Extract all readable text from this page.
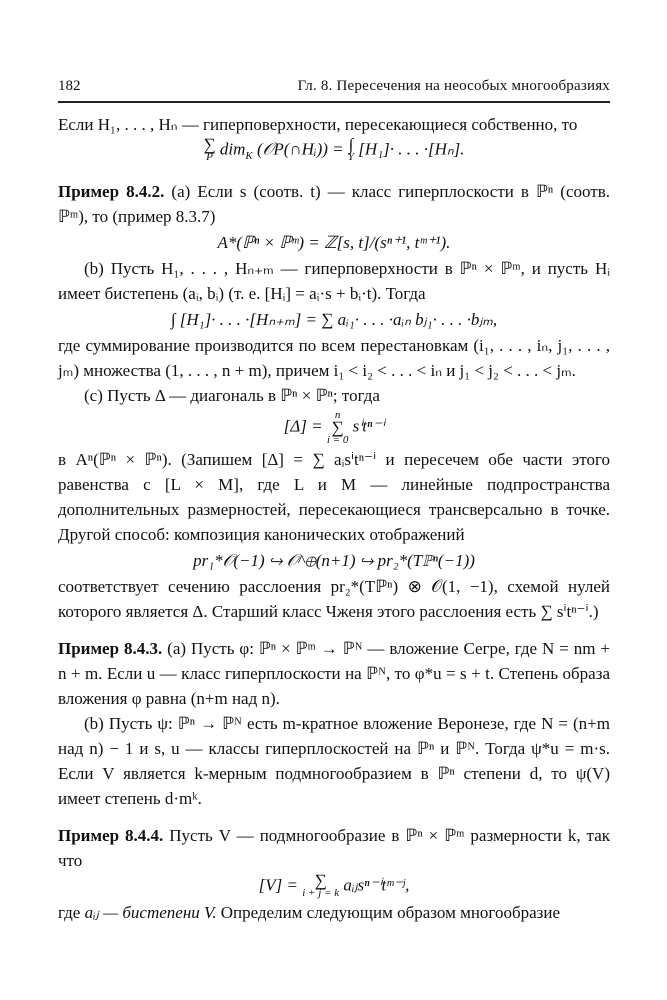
182	Гл. 8. Пересечения на неособых многообразиях

Если H₁, . . . , Hₙ — гиперповерхности, пересекающиеся собственно, то

∑
P dim$_K$ (𝒪P(∩Hᵢ)) = ∫
Y [H₁]· . . . ·[Hₙ].

Пример 8.4.2. (a) Если s (соотв. t) — класс гиперплоскости в ℙⁿ (соотв. ℙᵐ), то (пример 8.3.7)

A*(ℙⁿ × ℙᵐ) = ℤ[s, t]/(sⁿ⁺¹, tᵐ⁺¹).

(b) Пусть H₁, . . . , Hₙ₊ₘ — гиперповерхности в ℙⁿ × ℙᵐ, и пусть Hᵢ имеет бистепень (aᵢ, bᵢ) (т. е. [Hᵢ] = aᵢ·s + bᵢ·t). Тогда

∫ [H₁]· . . . ·[Hₙ₊ₘ] = ∑ aᵢ₁· . . . ·aᵢₙ bⱼ₁· . . . ·bⱼₘ,

где суммирование производится по всем перестановкам (i₁, . . . , iₙ, j₁, . . . , jₘ) множества (1, . . . , n + m), причем i₁ < i₂ < . . . < iₙ и j₁ < j₂ < . . . < jₘ.

(c) Пусть Δ — диагональ в ℙⁿ × ℙⁿ; тогда

[Δ] =
n
∑
i = 0
sⁱtⁿ⁻ⁱ

в Aⁿ(ℙⁿ × ℙⁿ). (Запишем [Δ] = ∑ aᵢsⁱtⁿ⁻ⁱ и пересечем обе части этого равенства с [L × M], где L и M — линейные подпространства дополнительных размерностей, пересекающиеся трансверсально в точке. Другой способ: композиция канонических отображений

pr₁*𝒪(−1) ↪ 𝒪^⊕(n+1) ↪ pr₂*(Tℙⁿ(−1))

соответствует сечению расслоения pr₂*(Tℙⁿ) ⊗ 𝒪(1, −1), схемой нулей которого является Δ. Старший класс Чженя этого расслоения есть ∑ sⁱtⁿ⁻ⁱ.)

Пример 8.4.3. (a) Пусть φ: ℙⁿ × ℙᵐ → ℙᴺ — вложение Сегре, где N = nm + n + m. Если u — класс гиперплоскости на ℙᴺ, то φ*u = s + t. Степень образа вложения φ равна (n+m над n).

(b) Пусть ψ: ℙⁿ → ℙᴺ есть m-кратное вложение Веронезе, где N = (n+m над n) − 1 и s, u — классы гиперплоскостей на ℙⁿ и ℙᴺ. Тогда ψ*u = m·s. Если V является k-мерным подмногообразием в ℙⁿ степени d, то ψ(V) имеет степень d·mᵏ.

Пример 8.4.4. Пусть V — подмногообразие в ℙⁿ × ℙᵐ размерности k, так что

[V] = ∑
i + j = k aᵢⱼsⁿ⁻ⁱtᵐ⁻ʲ,

где aᵢⱼ — бистепени V. Определим следующим образом многообразие
